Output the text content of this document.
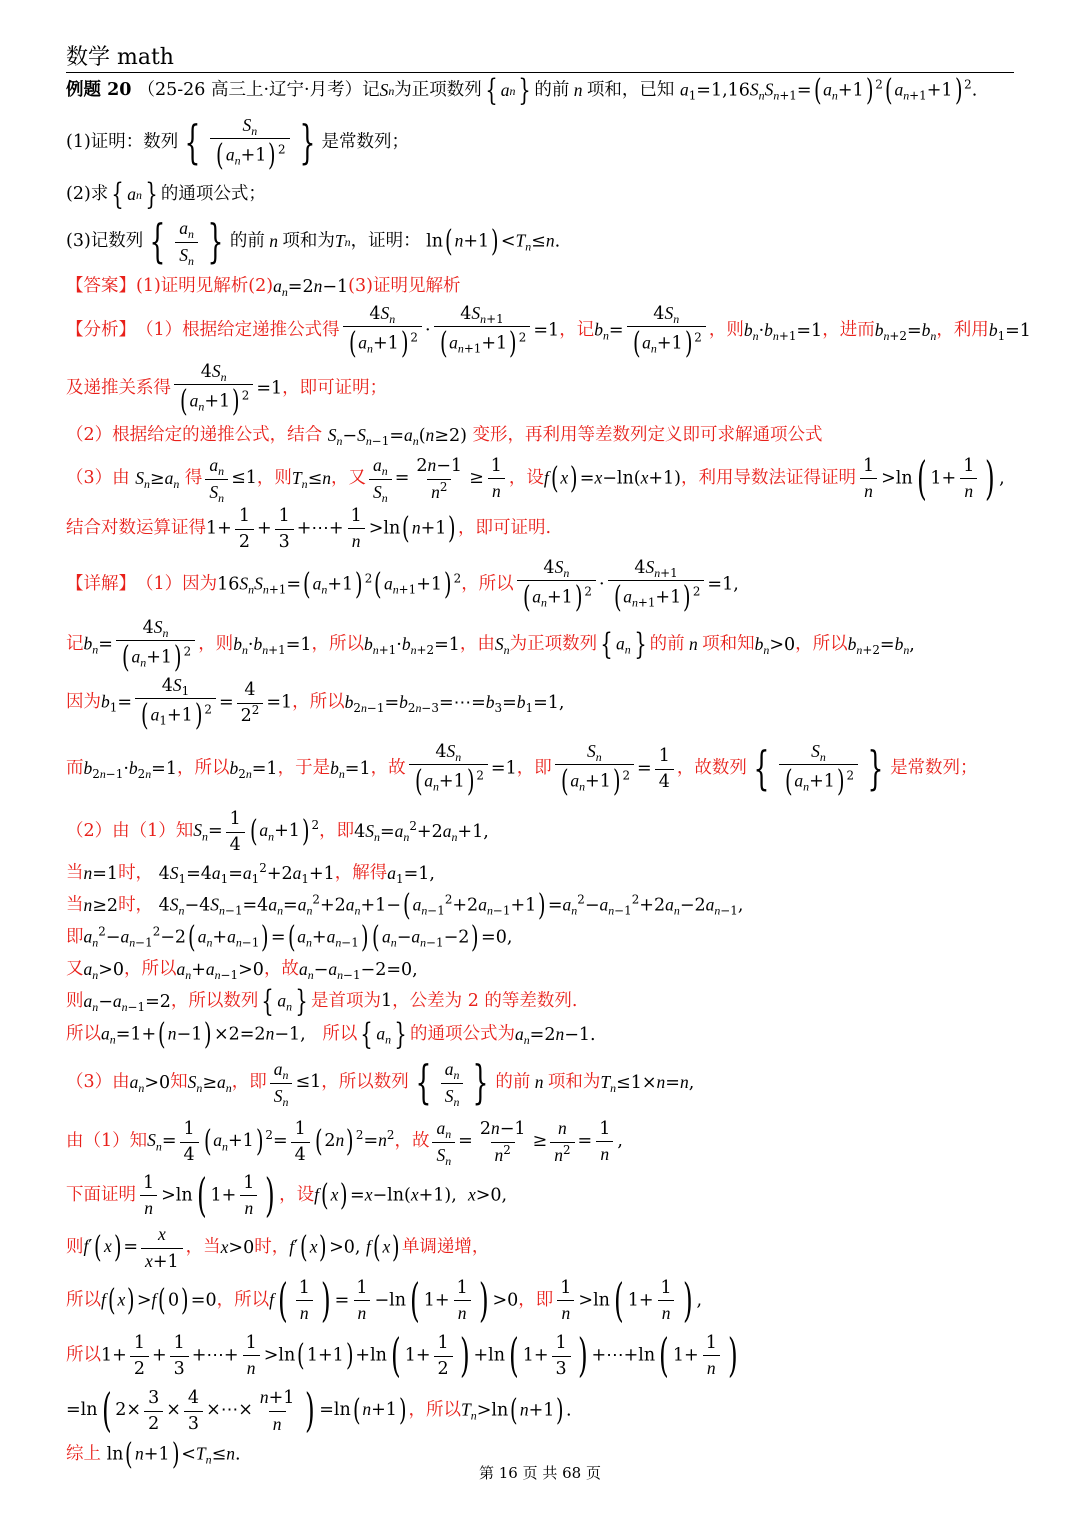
数学 math
例题 20 （25-26 高三上·辽宁·月考） 记 S n 为正项数列 { a n } 的前 n 项和，已知 $a_1=1,16S_nS_{n+1}=$( $a_n+1$) $^2$( $a_{n+1}+1$) $^2$.
(1)证明：数列 { $\frac{S_n}{( a_n+1) ^2}$ } 是常数列；
(2)求 { a n } 的通项公式；
(3)记数列 { $\frac{a_n}{S_n}$ } 的前 n 项和为 T n ，证明： ln( $n+1) <T_n\le n$.
【答案】 (1)证明见解析 (2) $a_n=2n-1$ (3)证明见解析
【分析】 （1）根据给定递推公式得 $\frac{4S_n}{( a_n+1) ^2} \cdot \frac{4S_{n+1}}{( a_{n+1}+1) ^2} =1$ ，记 $b_n= \frac{4S_n}{( a_n+1) ^2}$ ，则 $b_n\cdot b_{n+1}=1$ ，进而 $b_{n+2}=b_n$ ，利用 $b_1=1$
及递推关系得 $\frac{4S_n}{( a_n+1) ^2} =1$ ，即可证明；
（2）根据给定的递推公式，结合 $S_n-S_{n-1}=a_n(n\ge 2)$ 变形，再利用等差数列定义即可求解通项公式
（3）由 $S_n\ge a_n$ 得 $\frac{a_n}{S_n} \le 1$ ，则 $T_n\le n$ ，又 $\frac{a_n}{S_n} = \frac{2n-1}{n^2} \ge \frac{1}{n}$ ，设 f( x) =x−ln(x+1) ，利用导数法证得证明 $\frac{1}{n} >\ln$( $1+ \frac{1}{n}$ ) ,
结合对数运算证得 $1+ \frac{1}{2} + \frac{1}{3}$ +⋯+ $\frac{1}{n} >\ln$( n+1) ，即可证明.
【详解】 （1）因为 $16S_nS_{n+1}=$( $a_n+1$) $^2$( $a_{n+1}+1$) $^2$ ，所以 $\frac{4S_n}{( a_n+1) ^2} \cdot \frac{4S_{n+1}}{( a_{n+1}+1) ^2} =1$,
记 $b_n= \frac{4S_n}{( a_n+1) ^2}$ ，则 $b_n\cdot b_{n+1}=1$ ，所以 $b_{n+1}\cdot b_{n+2}=1$ ，由 $S_n$ 为正项数列 { $a_n$ } 的前 n 项和知 $b_n>0$ ，所以 $b_{n+2}=b_n$,
因为 $b_1= \frac{4S_1}{( a_1+1) ^2} = \frac{4}{2^2} =1$ ，所以 $b_{2n-1}=b_{2n-3}=\cdots=b_3=b_1=1$,
而 $b_{2n-1}\cdot b_{2n}=1$ ，所以 $b_{2n}=1$ ，于是 $b_n=1$ ，故 $\frac{4S_n}{( a_n+1) ^2} =1$ ，即 $\frac{S_n}{( a_n+1) ^2} = \frac{1}{4}$ ，故数列 { $\frac{S_n}{( a_n+1) ^2}$ } 是常数列；
（2）由（1）知 $S_n= \frac{1}{4}$ ( $a_n+1$) $^2$ ，即 $4S_n=a_n^2+2a_n+1$,
当 n=1 时， $4S_1=4a_1=a_1^2+2a_1+1$ ，解得 $a_1=1$,
当 n≥2 时， $4S_n-4S_{n-1}=4a_n=a_n^2+2a_n+1-$( $a_{n-1}^2+2a_{n-1}+1) =a_n^2-a_{n-1}^2+2a_n-2a_{n-1}$,
即 $a_n^2-a_{n-1}^2-2$( $a_n+a_{n-1}$) =( $a_n+a_{n-1}$) ( $a_n-a_{n-1}-2) =0$,
又 $a_n>0$ ，所以 $a_n+a_{n-1}>0$ ，故 $a_n-a_{n-1}-2=0$,
则 $a_n-a_{n-1}=2$ ，所以数列 { $a_n$ } 是首项为 1 ，公差为 2 的等差数列.
所以 $a_n=1+$( n−1) ×2=2n−1, 所以 { $a_n$ } 的通项公式为 $a_n=2n-1$.
（3）由 $a_n>0$ 知 $S_n\ge a_n$ ，即 $\frac{a_n}{S_n} \le 1$ ，所以数列 { $\frac{a_n}{S_n}$ } 的前 n 项和为 $T_n\le 1\times n=n$,
由（1）知 $S_n= \frac{1}{4}$ ( $a_n+1$) $^2= \frac{1}{4}$ ( 2n) $^2=n^2$ ，故 $\frac{a_n}{S_n} = \frac{2n-1}{n^2} \ge \frac{n}{n^2} = \frac{1}{n}$ ,
下面证明 $\frac{1}{n} >\ln$( $1+ \frac{1}{n}$ ) ，设 f( x) =x−ln(x+1),  x>0,
则 f′( $x) = \frac{x}{x+1}$ ，当 x>0 时， f′( x) >0, f( x) 单调递增，
所以 f( x) >f( 0) =0 ，所以 $f( \frac{1}{n}$ ) = $\frac{1}{n} -\ln$( $1+ \frac{1}{n}$ ) >0 ，即 $\frac{1}{n} >\ln$( $1+ \frac{1}{n}$ ) ,
所以 $1+ \frac{1}{2} + \frac{1}{3}$ +⋯+ $\frac{1}{n} >\ln$( 1+1) +ln( $1+ \frac{1}{2}$ ) +ln( $1+ \frac{1}{3}$ ) +⋯+ln( $1+ \frac{1}{n}$ )
=ln( $2\times \frac{3}{2} \times \frac{4}{3}$ ×⋯× $\frac{n+1}{n}$ ) =ln( n+1) ，所以 $T_n>\ln$( n+1) .
综上 ln( $n+1) <T_n\le n$.
第 16 页 共 68 页
